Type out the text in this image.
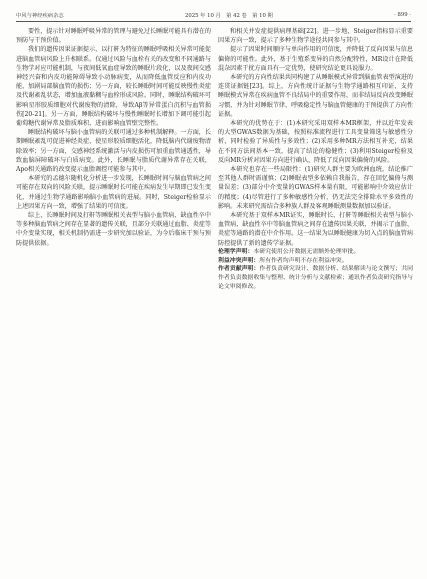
中风与神经疾病杂志	2025 年 10 月　第 42 卷　第 10 期	· 899 ·

要性，提示针对睡眠呼吸异常的管理与避免过长睡眠可能具有潜在的预防与干预价值。

我们的遗传因果证据提示，以打鼾为特征的睡眠呼吸相关异常可能促进脑血管病风险上升相联系。仅通过风险与血栓有关的改变和不同通路与生物学对应可能机制，与夜间低氧血症导致的睡眠片段化，以及夜间交感神经兴奋和内皮功能障碍导致小动脉病变，从而降低血管反应和内皮功能，加剧局部脑血管的损伤；另一方面，较长睡眠时间可能反映慢性炎症及代谢紊乱状态，增加血液黏稠与血栓形成风险。同时，睡眠结构破坏可影响星形胶质细胞对代谢废物的清除，导致Aβ等异常蛋白沉积与血管损伤[20-21]。另一方面，睡眠结构破坏与慢性睡眠时长增加下调可能引起葡萄糖代谢异常及脂质堆积，进而影响血管壁完整性。

睡眠结构破坏与脑小血管病的关联可通过多种机制解释。一方面，长期睡眠紊乱可促进神经炎症，使星形胶质细胞活化，降低脑内代谢废物清除效率；另一方面，交感神经系统激活与内皮损伤可加重血管通透性，导致血脑屏障破坏与白质病变。此外，长睡眠与脂质代谢异常存在关联，Apo相关通路的改变提示血脂调控可能参与其中。

本研究的孟德尔随机化分析进一步发现，长睡眠时间与脑血管病之间可能存在双向的风险关联，提示睡眠时长可能在疾病发生早期即已发生变化，并通过生物学通路影响脑小血管病的进展。同时，Steiger检验显示上述因果方向一致，增强了结果的可信度。

综上，长睡眠时间及打鼾等睡眠相关表型与脑小血管病、缺血性卒中等多种脑血管病之间存在显著的遗传关联，且部分关联通过血脂、炎症等中介变量实现，相关机制仍需进一步研究加以验证，为今后临床干预与预防提供依据。

和相关并发症提供病理基础[22]。进一步地，Steiger指标显示重要因果方向一致，提示了多种生物学途径共同参与其中。

提示了因果时间顺序与单向作用的可信度，并降低了反向因果与信息偏倚的可能性。此外，基于生殖系变异的自然分配特性，MR设计在降低混杂因素干扰方面具有一定优势，使研究结论更具说服力。

本研究的方向性结果共同构建了从睡眠模式异常到脑血管表型演进的连贯证据链[23]。综上，方向性统计证据与生物学通路相互印证，支持睡眠模式异常在疾病血管不良结局中的重要作用，而非结局反向改变睡眠习惯，并为针对睡眠节律、呼吸稳定性与脑血管健康的干预提供了方向性证据。

本研究的优势在于：(1)本研究采用双样本MR框架，并以近年发表的大型GWAS数据为基础，按照标准流程进行工具变量筛选与敏感性分析，同时检验了异质性与多效性；(2)采用多种MR方法相互补充，结果在不同方法间基本一致，提高了结论的稳健性；(3)利用Steiger检验及反向MR分析对因果方向进行确认，降低了反向因果偏倚的风险。

本研究也存在一些局限性：(1)研究人群主要为欧洲血统，结论推广至其他人群时需谨慎；(2)睡眠表型多依赖自我报告，存在回忆偏倚与测量误差；(3)部分中介变量的GWAS样本量有限，可能影响中介效应估计的精度；(4)尽管进行了多种敏感性分析，仍无法完全排除水平多效性的影响。未来研究需结合多种族人群及客观睡眠测量数据加以验证。

本研究基于双样本MR证实，睡眠时长、打鼾等睡眠相关表型与脑小血管病、缺血性卒中等脑血管病之间存在遗传因果关联，并揭示了血脂、炎症等通路的潜在中介作用。这一结果为以睡眠健康为切入点的脑血管病防控提供了新的遗传学证据。

伦理学声明：本研究使用公开数据无需额外伦理审批。

利益冲突声明：所有作者均声明不存在利益冲突。

作者贡献声明：作者负责研究设计、数据分析、结果解读与论文撰写；共同作者负责数据收集与整理、统计分析与文献检索；通讯作者负责研究指导与论文审阅修改。
